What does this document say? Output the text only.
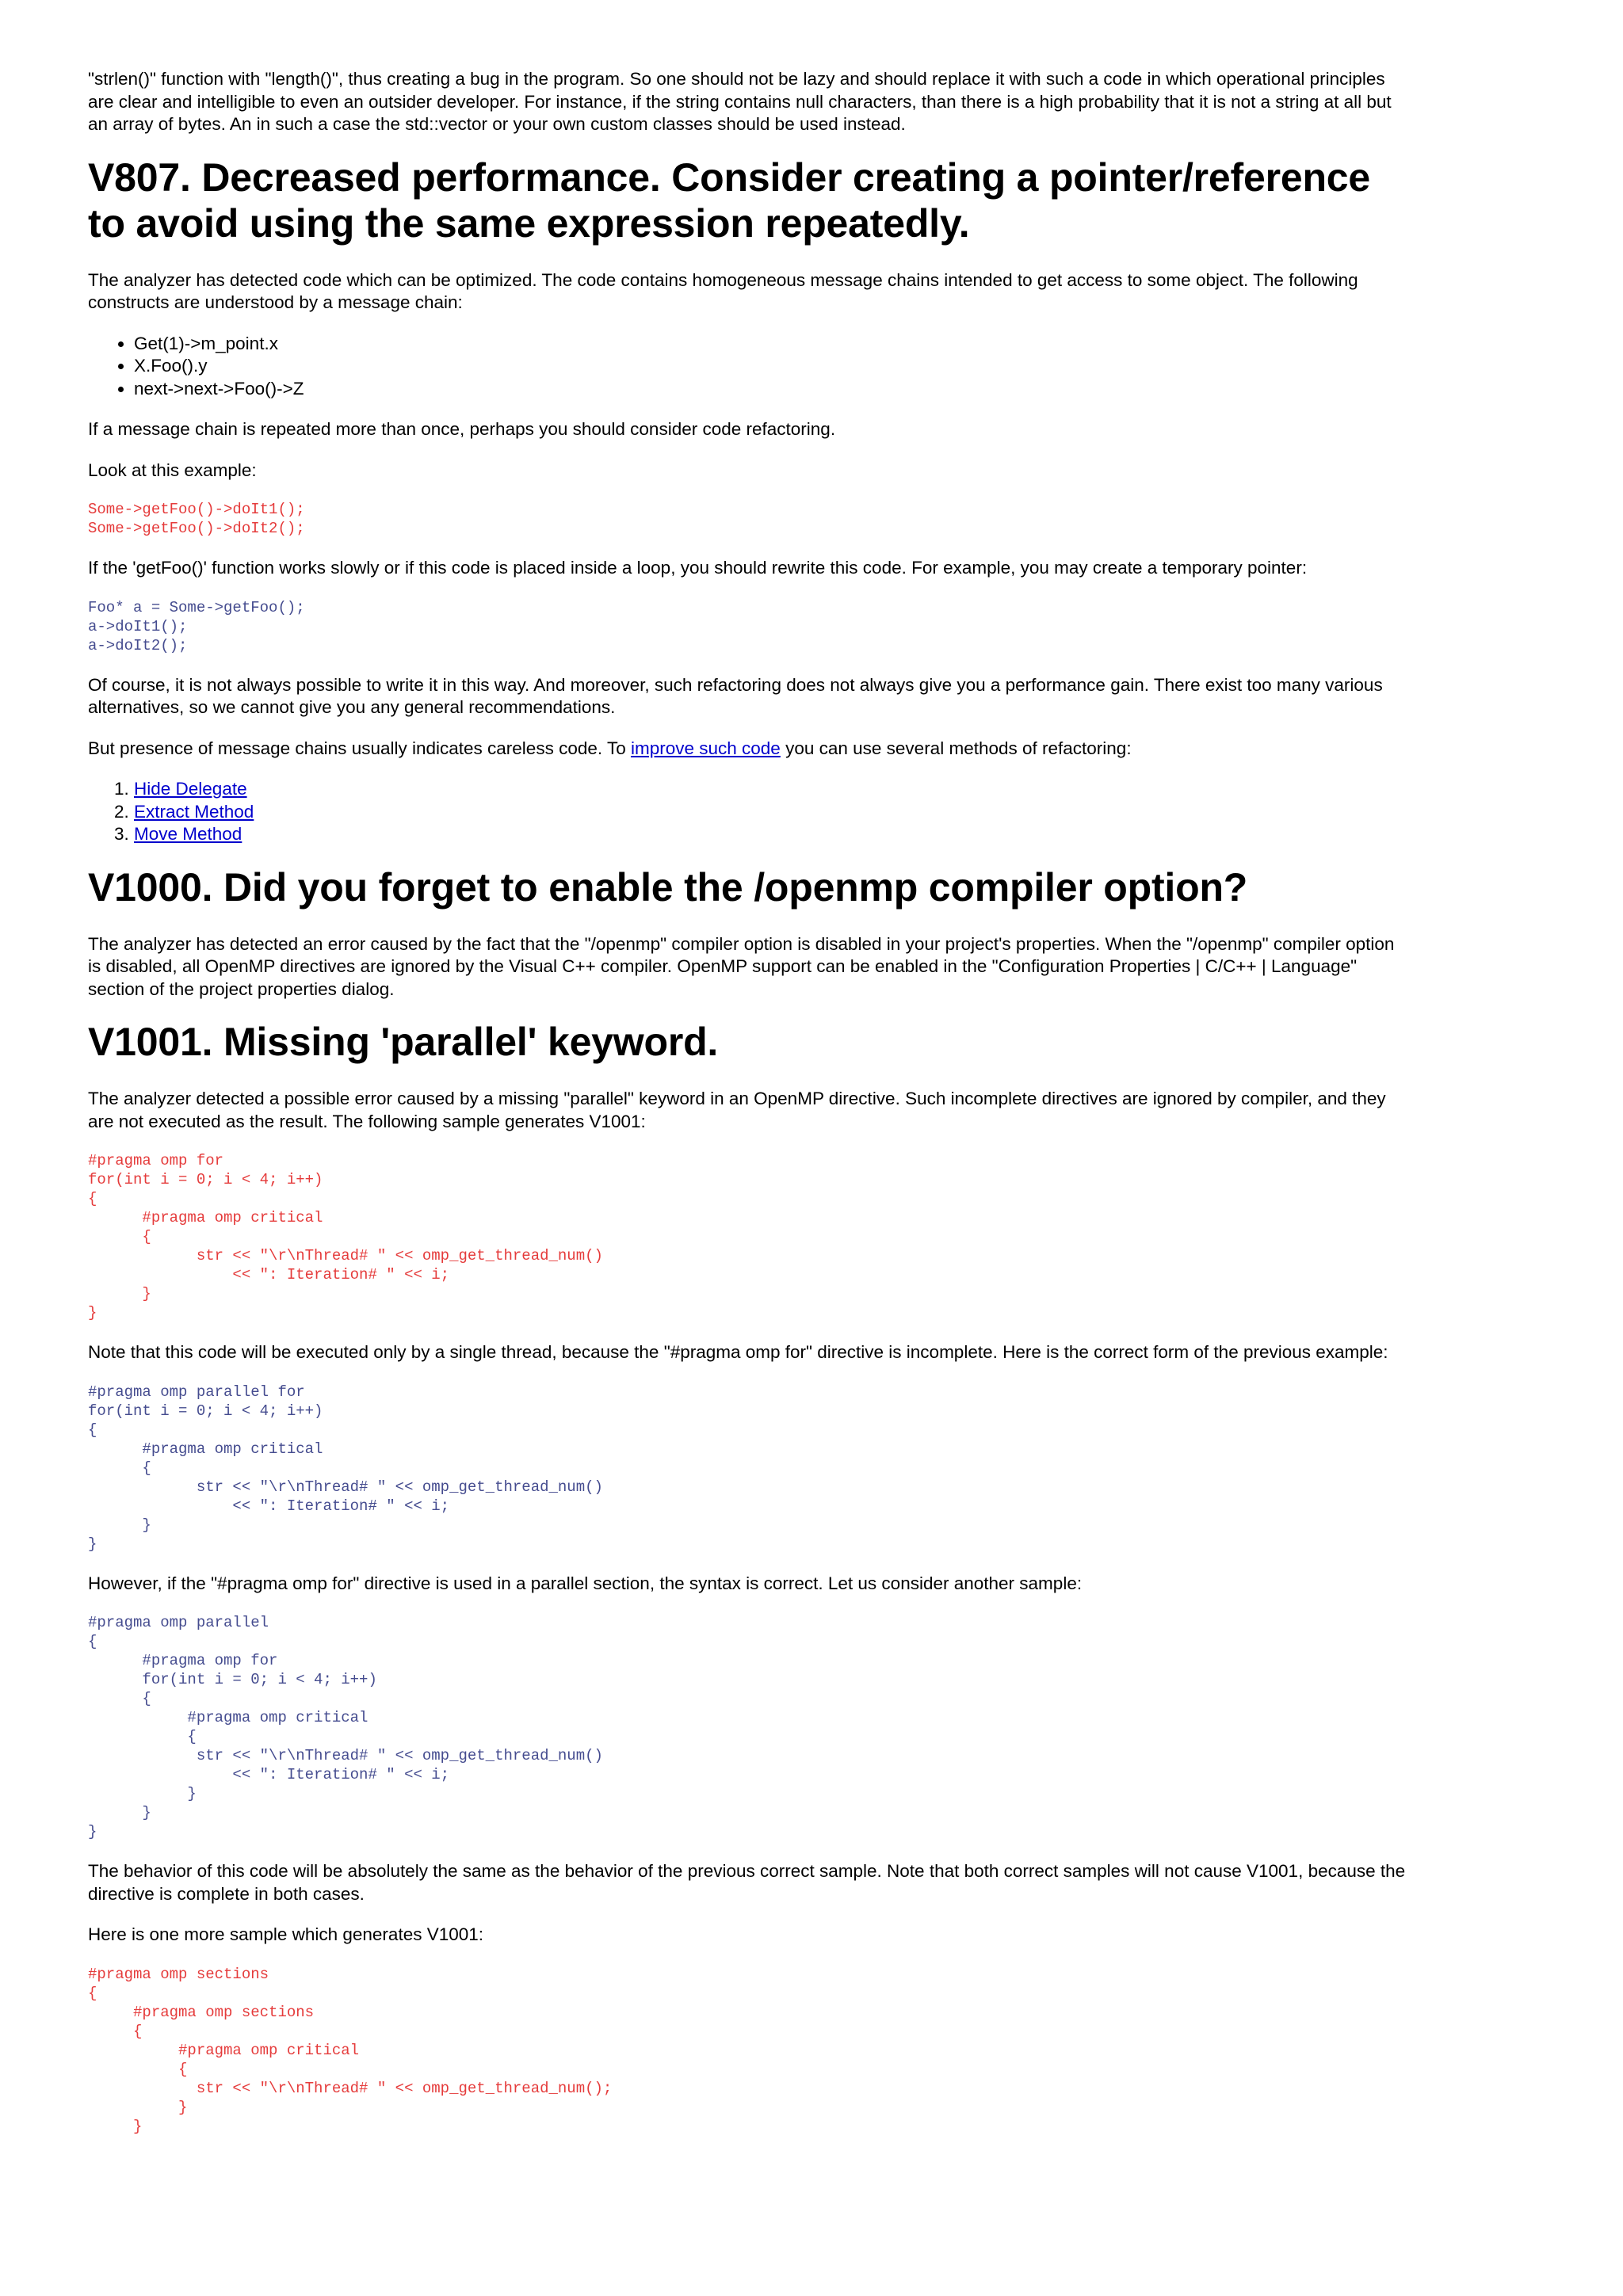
"strlen()" function with "length()", thus creating a bug in the program. So one should not be lazy and should replace it with such a code in which operational principles are clear and intelligible to even an outsider developer. For instance, if the string contains null characters, than there is a high probability that it is not a string at all but an array of bytes. An in such a case the std::vector or your own custom classes should be used instead.

V807. Decreased performance. Consider creating a pointer/reference to avoid using the same expression repeatedly.

The analyzer has detected code which can be optimized. The code contains homogeneous message chains intended to get access to some object. The following constructs are understood by a message chain:

• Get(1)->m_point.x
• X.Foo().y
• next->next->Foo()->Z

If a message chain is repeated more than once, perhaps you should consider code refactoring.

Look at this example:

Some->getFoo()->doIt1();
Some->getFoo()->doIt2();

If the 'getFoo()' function works slowly or if this code is placed inside a loop, you should rewrite this code. For example, you may create a temporary pointer:

Foo* a = Some->getFoo();
a->doIt1();
a->doIt2();

Of course, it is not always possible to write it in this way. And moreover, such refactoring does not always give you a performance gain. There exist too many various alternatives, so we cannot give you any general recommendations.

But presence of message chains usually indicates careless code. To improve such code you can use several methods of refactoring:

1. Hide Delegate
2. Extract Method
3. Move Method
V1000. Did you forget to enable the /openmp compiler option?

The analyzer has detected an error caused by the fact that the "/openmp" compiler option is disabled in your project's properties. When the "/openmp" compiler option is disabled, all OpenMP directives are ignored by the Visual C++ compiler. OpenMP support can be enabled in the "Configuration Properties | C/C++ | Language" section of the project properties dialog.

V1001. Missing 'parallel' keyword.

The analyzer detected a possible error caused by a missing "parallel" keyword in an OpenMP directive. Such incomplete directives are ignored by compiler, and they are not executed as the result. The following sample generates V1001:

#pragma omp for
for(int i = 0; i < 4; i++)
{
#pragma omp critical
{
str << "\r\nThread# " << omp_get_thread_num()
<< ": Iteration# " << i;
}
}

Note that this code will be executed only by a single thread, because the "#pragma omp for" directive is incomplete. Here is the correct form of the previous example:

#pragma omp parallel for
for(int i = 0; i < 4; i++)
{
#pragma omp critical
{
str << "\r\nThread# " << omp_get_thread_num()
<< ": Iteration# " << i;
}
}

However, if the "#pragma omp for" directive is used in a parallel section, the syntax is correct. Let us consider another sample:

#pragma omp parallel
{
#pragma omp for
for(int i = 0; i < 4; i++)
{
#pragma omp critical
{
str << "\r\nThread# " << omp_get_thread_num()
<< ": Iteration# " << i;
}
}
}

The behavior of this code will be absolutely the same as the behavior of the previous correct sample. Note that both correct samples will not cause V1001, because the directive is complete in both cases.

Here is one more sample which generates V1001:

#pragma omp sections
{
#pragma omp sections
{
#pragma omp critical
{
str << "\r\nThread# " << omp_get_thread_num();
}
}
